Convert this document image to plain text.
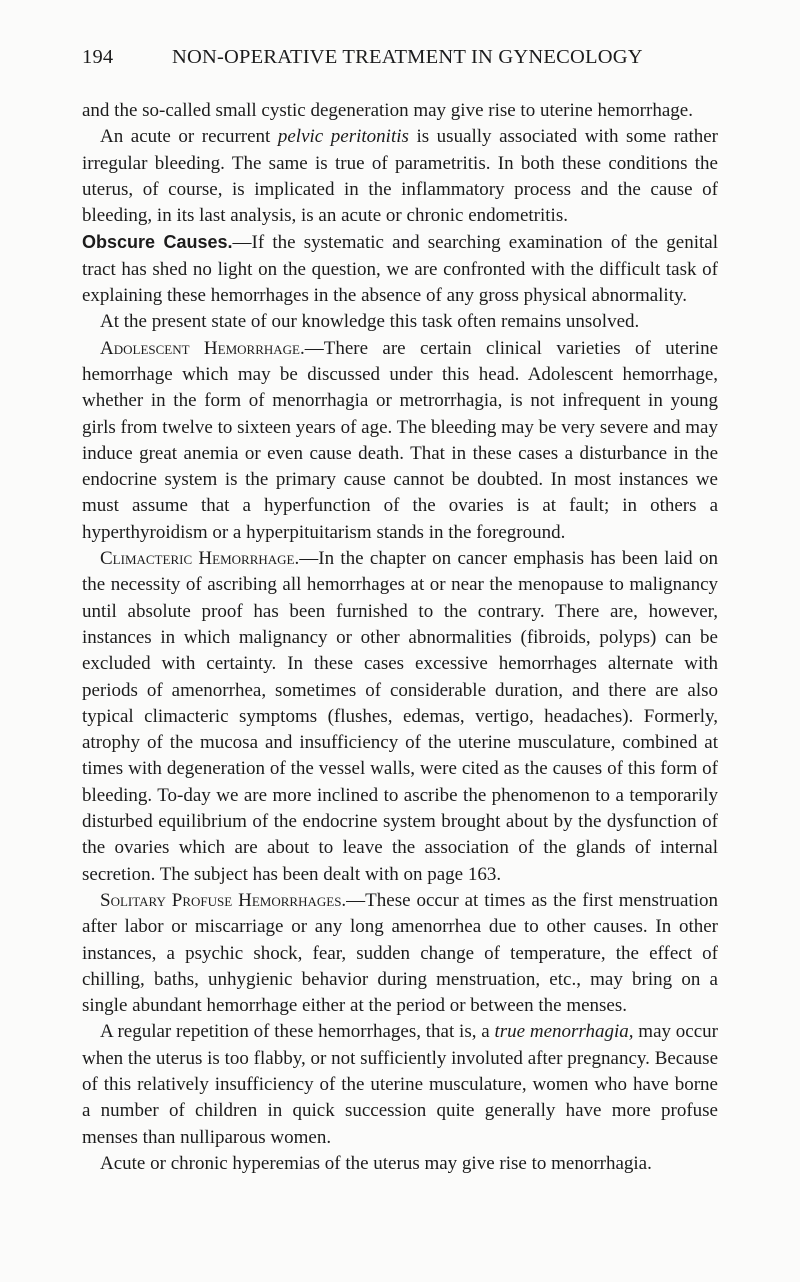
194	NON-OPERATIVE TREATMENT IN GYNECOLOGY

and the so-called small cystic degeneration may give rise to uterine hemorrhage.

An acute or recurrent pelvic peritonitis is usually associated with some rather irregular bleeding. The same is true of parametritis. In both these conditions the uterus, of course, is implicated in the inflammatory process and the cause of bleeding, in its last analysis, is an acute or chronic endometritis.

Obscure Causes.—If the systematic and searching examination of the genital tract has shed no light on the question, we are confronted with the difficult task of explaining these hemorrhages in the absence of any gross physical abnormality.

At the present state of our knowledge this task often remains unsolved.

Adolescent Hemorrhage.—There are certain clinical varieties of uterine hemorrhage which may be discussed under this head. Adolescent hemorrhage, whether in the form of menorrhagia or metrorrhagia, is not infrequent in young girls from twelve to sixteen years of age. The bleeding may be very severe and may induce great anemia or even cause death. That in these cases a disturbance in the endocrine system is the primary cause cannot be doubted. In most instances we must assume that a hyperfunction of the ovaries is at fault; in others a hyperthyroidism or a hyperpituitarism stands in the foreground.

Climacteric Hemorrhage.—In the chapter on cancer emphasis has been laid on the necessity of ascribing all hemorrhages at or near the menopause to malignancy until absolute proof has been furnished to the contrary. There are, however, instances in which malignancy or other abnormalities (fibroids, polyps) can be excluded with certainty. In these cases excessive hemorrhages alternate with periods of amenorrhea, sometimes of considerable duration, and there are also typical climacteric symptoms (flushes, edemas, vertigo, headaches). Formerly, atrophy of the mucosa and insufficiency of the uterine musculature, combined at times with degeneration of the vessel walls, were cited as the causes of this form of bleeding. To-day we are more inclined to ascribe the phenomenon to a temporarily disturbed equilibrium of the endocrine system brought about by the dysfunction of the ovaries which are about to leave the association of the glands of internal secretion. The subject has been dealt with on page 163.

Solitary Profuse Hemorrhages.—These occur at times as the first menstruation after labor or miscarriage or any long amenorrhea due to other causes. In other instances, a psychic shock, fear, sudden change of temperature, the effect of chilling, baths, unhygienic behavior during menstruation, etc., may bring on a single abundant hemorrhage either at the period or between the menses.

A regular repetition of these hemorrhages, that is, a true menorrhagia, may occur when the uterus is too flabby, or not sufficiently involuted after pregnancy. Because of this relatively insufficiency of the uterine musculature, women who have borne a number of children in quick succession quite generally have more profuse menses than nulliparous women.

Acute or chronic hyperemias of the uterus may give rise to menorrhagia.
